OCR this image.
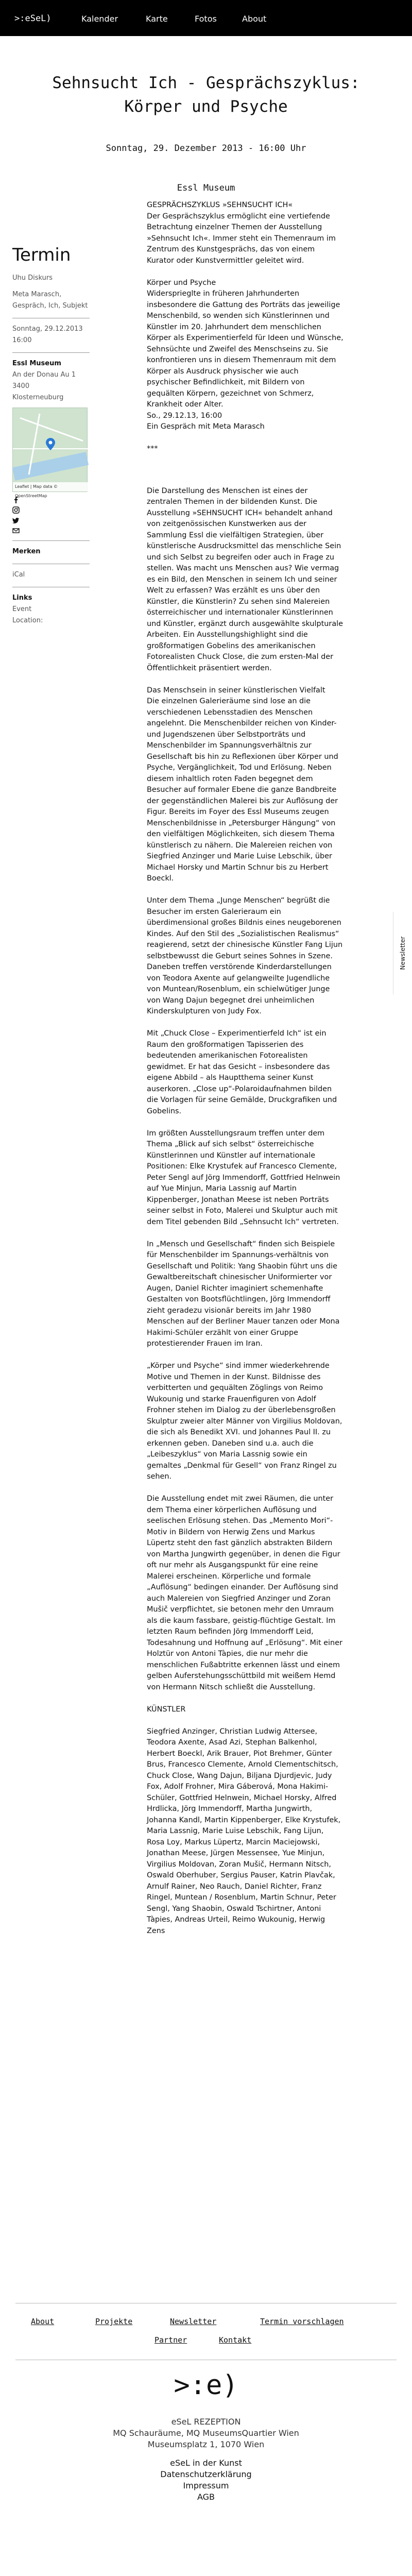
>:eSeL)	Kalender	Karte	Fotos	About
Sehnsucht Ich - Gesprächszyklus:
Körper und Psyche
Sonntag, 29. Dezember 2013 - 16:00 Uhr
Essl Museum
Termin
Uhu Diskurs
Meta Marasch, Gespräch, Ich, Subjekt
Sonntag, 29.12.2013 16:00
Essl Museum
An der Donau Au 1
3400
Klosterneuburg
Leaflet | Map data © OpenStreetMap
Merken
iCal
Links
Event
Location:

GESPRÄCHSZYKLUS »SEHNSUCHT ICH«
Der Gesprächszyklus ermöglicht eine vertiefende Betrachtung einzelner Themen der Ausstellung »Sehnsucht Ich«. Immer steht ein Themenraum im Zentrum des Kunstgesprächs, das von einem Kurator oder Kunstvermittler geleitet wird.

Körper und Psyche
Widersprieglte in früheren Jahrhunderten insbesondere die Gattung des Porträts das jeweilige Menschenbild, so wenden sich Künstlerinnen und Künstler im 20. Jahrhundert dem menschlichen Körper als Experimentierfeld für Ideen und Wünsche, Sehnsüchte und Zweifel des Menschseins zu. Sie konfrontieren uns in diesem Themenraum mit dem Körper als Ausdruck physischer wie auch psychischer Befindlichkeit, mit Bildern von gequälten Körpern, gezeichnet von Schmerz, Krankheit oder Alter.
So., 29.12.13, 16:00
Ein Gespräch mit Meta Marasch

***

Die Darstellung des Menschen ist eines der zentralen Themen in der bildenden Kunst. Die Ausstellung »SEHNSUCHT ICH« behandelt anhand von zeitgenössischen Kunstwerken aus der Sammlung Essl die vielfältigen Strategien, über künstlerische Ausdrucksmittel das menschliche Sein und sich Selbst zu begreifen oder auch in Frage zu stellen. Was macht uns Menschen aus? Wie vermag es ein Bild, den Menschen in seinem Ich und seiner Welt zu erfassen? Was erzählt es uns über den Künstler, die Künstlerin? Zu sehen sind Malereien österreichischer und internationaler Künstlerinnen und Künstler, ergänzt durch ausgewählte skulpturale Arbeiten. Ein Ausstellungshighlight sind die großformatigen Gobelins des amerikanischen Fotorealisten Chuck Close, die zum ersten-Mal der Öffentlichkeit präsentiert werden.

Das Menschsein in seiner künstlerischen Vielfalt
Die einzelnen Galerieräume sind lose an die verschiedenen Lebensstadien des Menschen angelehnt. Die Menschenbilder reichen von Kinder- und Jugendszenen über Selbstporträts und Menschenbilder im Spannungsverhältnis zur Gesellschaft bis hin zu Reflexionen über Körper und Psyche, Vergänglichkeit, Tod und Erlösung. Neben diesem inhaltlich roten Faden begegnet dem Besucher auf formaler Ebene die ganze Bandbreite der gegenständlichen Malerei bis zur Auflösung der Figur. Bereits im Foyer des Essl Museums zeugen Menschenbildnisse in „Petersburger Hängung“ von den vielfältigen Möglichkeiten, sich diesem Thema künstlerisch zu nähern. Die Malereien reichen von Siegfried Anzinger und Marie Luise Lebschik, über Michael Horsky und Martin Schnur bis zu Herbert Boeckl.

Unter dem Thema „Junge Menschen“ begrüßt die Besucher im ersten Galerieraum ein überdimensional großes Bildnis eines neugeborenen Kindes. Auf den Stil des „Sozialistischen Realismus“ reagierend, setzt der chinesische Künstler Fang Lijun selbstbewusst die Geburt seines Sohnes in Szene. Daneben treffen verstörende Kinderdarstellungen von Teodora Axente auf gelangweilte Jugendliche von Muntean/Rosenblum, ein schielwütiger Junge von Wang Dajun begegnet drei unheimlichen Kinderskulpturen von Judy Fox.

Mit „Chuck Close – Experimentierfeld Ich“ ist ein Raum den großformatigen Tapisserien des bedeutenden amerikanischen Fotorealisten gewidmet. Er hat das Gesicht – insbesondere das eigene Abbild – als Hauptthema seiner Kunst auserkoren. „Close up“-Polaroidaufnahmen bilden die Vorlagen für seine Gemälde, Druckgrafiken und Gobelins.

Im größten Ausstellungsraum treffen unter dem Thema „Blick auf sich selbst“ österreichische Künstlerinnen und Künstler auf internationale Positionen: Elke Krystufek auf Francesco Clemente, Peter Sengl auf Jörg Immendorff, Gottfried Helnwein auf Yue Minjun, Maria Lassnig auf Martin Kippenberger, Jonathan Meese ist neben Porträts seiner selbst in Foto, Malerei und Skulptur auch mit dem Titel gebenden Bild „Sehnsucht Ich“ vertreten.

In „Mensch und Gesellschaft“ finden sich Beispiele für Menschenbilder im Spannungs-verhältnis von Gesellschaft und Politik: Yang Shaobin führt uns die Gewaltbereitschaft chinesischer Uniformierter vor Augen, Daniel Richter imaginiert schemenhafte Gestalten von Bootsflüchtlingen, Jörg Immendorff zieht geradezu visionär bereits im Jahr 1980 Menschen auf der Berliner Mauer tanzen oder Mona Hakimi-Schüler erzählt von einer Gruppe protestierender Frauen im Iran.

„Körper und Psyche“ sind immer wiederkehrende Motive und Themen in der Kunst. Bildnisse des verbitterten und gequälten Zöglings von Reimo Wukounig und starke Frauenfiguren von Adolf Frohner stehen im Dialog zu der überlebensgroßen Skulptur zweier alter Männer von Virgilius Moldovan, die sich als Benedikt XVI. und Johannes Paul II. zu erkennen geben. Daneben sind u.a. auch die „Leibeszyklus“ von Maria Lassnig sowie ein gemaltes „Denkmal für Gesell“ von Franz Ringel zu sehen.

Die Ausstellung endet mit zwei Räumen, die unter dem Thema einer körperlichen Auflösung und seelischen Erlösung stehen. Das „Memento Mori“-Motiv in Bildern von Herwig Zens und Markus Lüpertz steht den fast gänzlich abstrakten Bildern von Martha Jungwirth gegenüber, in denen die Figur oft nur mehr als Ausgangspunkt für eine reine Malerei erscheinen. Körperliche und formale „Auflösung“ bedingen einander. Der Auflösung sind auch Malereien von Siegfried Anzinger und Zoran Mušič verpflichtet, sie betonen mehr den Umraum als die kaum fassbare, geistig-flüchtige Gestalt. Im letzten Raum befinden Jörg Immendorff Leid, Todesahnung und Hoffnung auf „Erlösung“. Mit einer Holztür von Antoni Tàpies, die nur mehr die menschlichen Fußabtritte erkennen lässt und einem gelben Auferstehungsschüttbild mit weißem Hemd von Hermann Nitsch schließt die Ausstellung.

KÜNSTLER

Siegfried Anzinger, Christian Ludwig Attersee, Teodora Axente, Asad Azi, Stephan Balkenhol, Herbert Boeckl, Arik Brauer, Piot Brehmer, Günter Brus, Francesco Clemente, Arnold Clementschitsch, Chuck Close, Wang Dajun, Biljana Djurdjevic, Judy Fox, Adolf Frohner, Mira Gáberová, Mona Hakimi-Schüler, Gottfried Helnwein, Michael Horsky, Alfred Hrdlicka, Jörg Immendorff, Martha Jungwirth, Johanna Kandl, Martin Kippenberger, Elke Krystufek, Maria Lassnig, Marie Luise Lebschik, Fang Lijun, Rosa Loy, Markus Lüpertz, Marcin Maciejowski, Jonathan Meese, Jürgen Messensee, Yue Minjun, Virgilius Moldovan, Zoran Mušič, Hermann Nitsch, Oswald Oberhuber, Sergius Pauser, Katrin Plavčak, Arnulf Rainer, Neo Rauch, Daniel Richter, Franz Ringel, Muntean / Rosenblum, Martin Schnur, Peter Sengl, Yang Shaobin, Oswald Tschirtner, Antoni Tàpies, Andreas Urteil, Reimo Wukounig, Herwig Zens

Newsletter
About	Projekte	Newsletter	Termin vorschlagen
Partner	Kontakt
>:e)
eSeL REZEPTION
MQ Schauräume, MQ MuseumsQuartier Wien
Museumsplatz 1, 1070 Wien
eSeL in der Kunst
Datenschutzerklärung
Impressum
AGB
